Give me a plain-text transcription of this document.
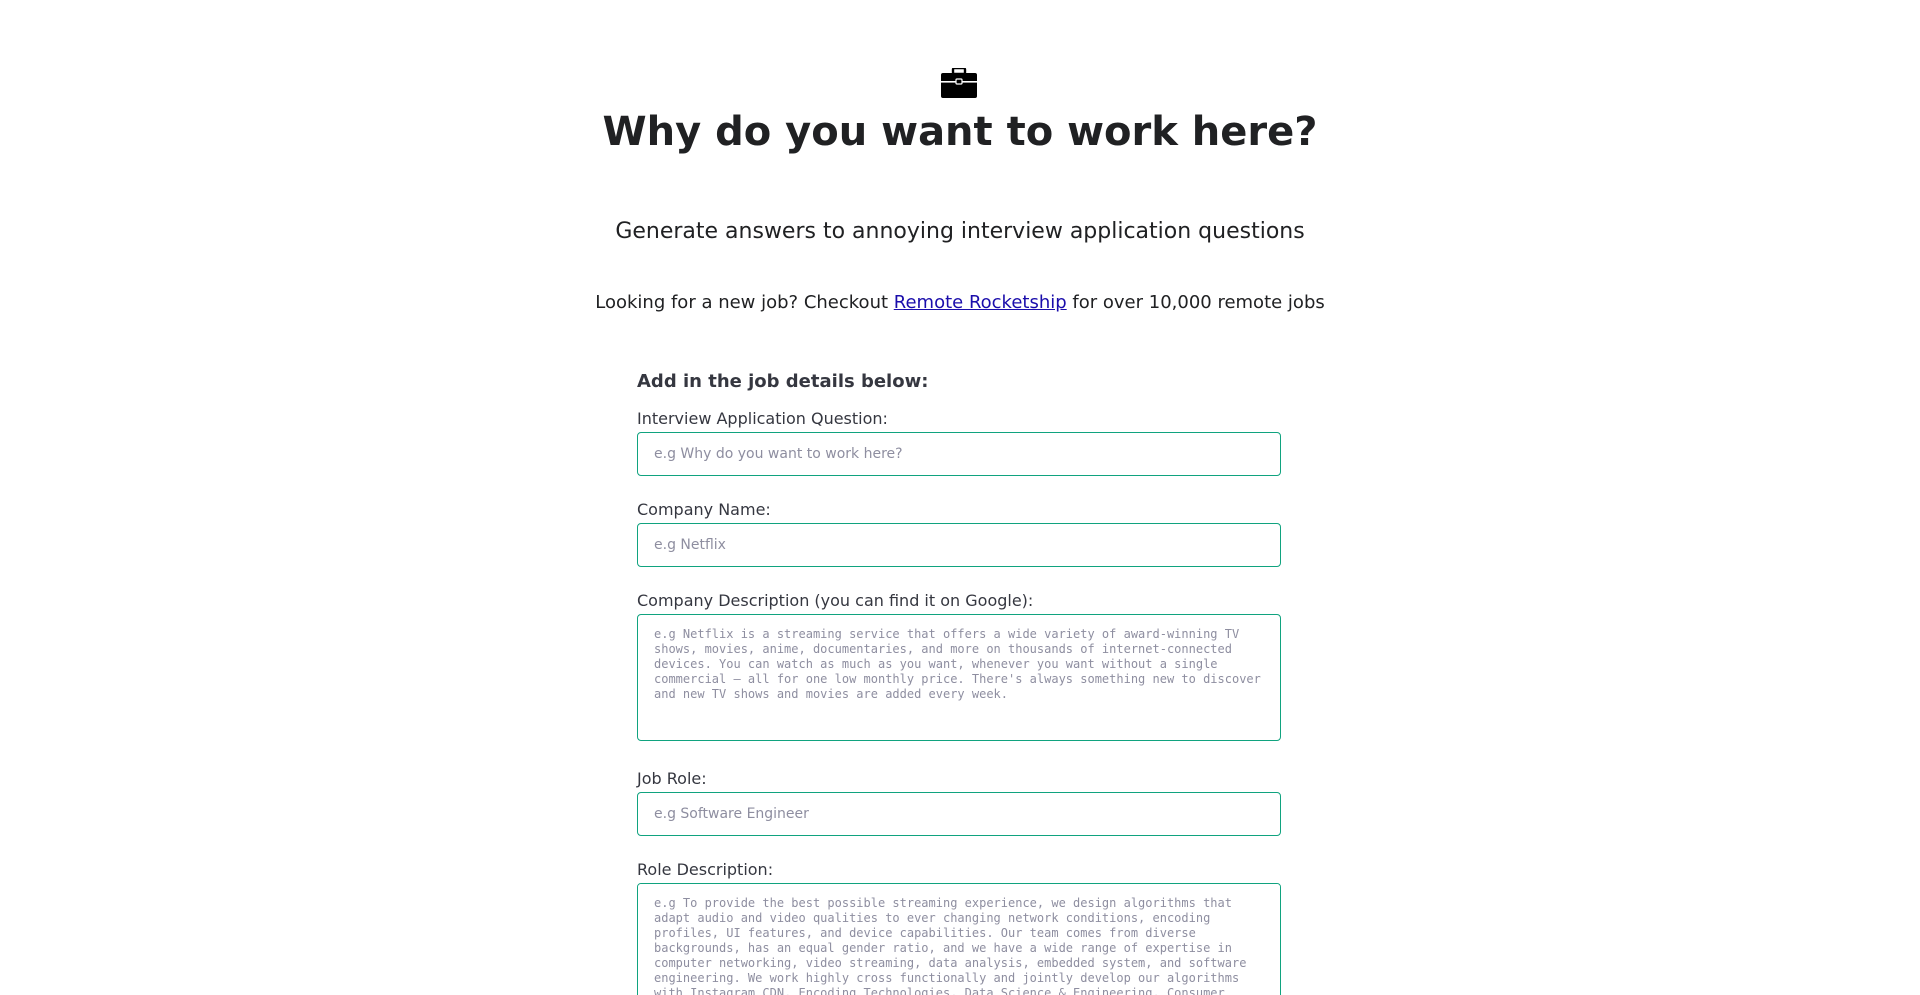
Why do you want to work here?

Generate answers to annoying interview application questions

Looking for a new job? Checkout Remote Rocketship for over 10,000 remote jobs

Add in the job details below:
Interview Application Question:
e.g Why do you want to work here?
Company Name:
e.g Netflix
Company Description (you can find it on Google):
e.g Netflix is a streaming service that offers a wide variety of award-winning TV shows, movies, anime, documentaries, and more on thousands of internet-connected devices. You can watch as much as you want, whenever you want without a single commercial – all for one low monthly price. There's always something new to discover and new TV shows and movies are added every week.
Job Role:
e.g Software Engineer
Role Description:
e.g To provide the best possible streaming experience, we design algorithms that adapt audio and video qualities to ever changing network conditions, encoding profiles, UI features, and device capabilities. Our team comes from diverse backgrounds, has an equal gender ratio, and we have a wide range of expertise in computer networking, video streaming, data analysis, embedded system, and software engineering. We work highly cross functionally and jointly develop our algorithms with Instagram CDN, Encoding Technologies, Data Science & Engineering, Consumer Insights, and Product Management teams.
